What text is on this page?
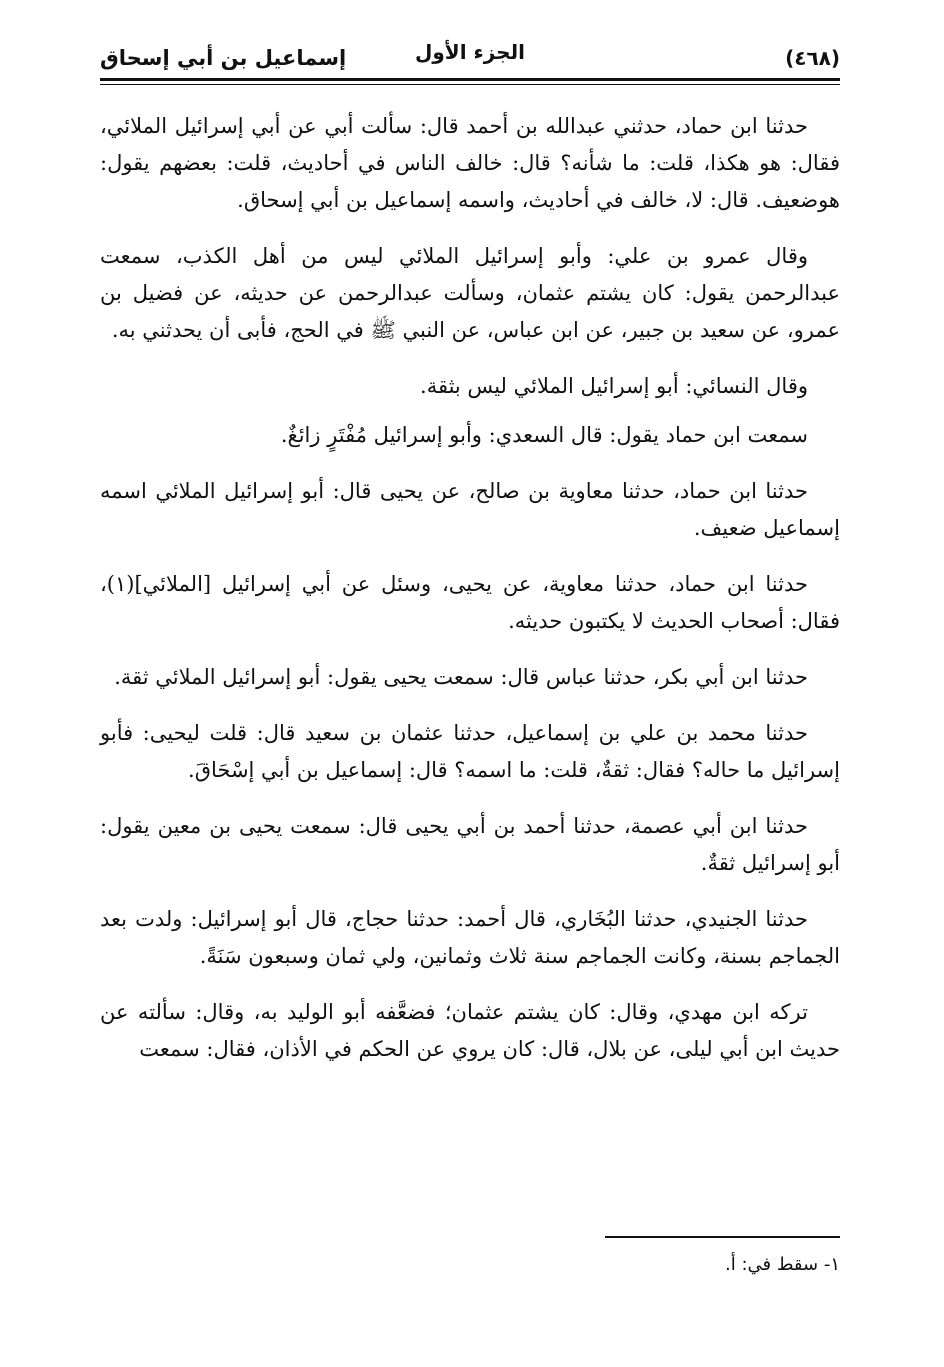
إسماعيل بن أبي إسحاق	الجزء الأول	(٤٦٨)

حدثنا ابن حماد، حدثني عبدالله بن أحمد قال: سألت أبي عن أبي إسرائيل الملائي، فقال: هو هكذا، قلت: ما شأنه؟ قال: خالف الناس في أحاديث، قلت: بعضهم يقول: هوضعيف. قال: لا، خالف في أحاديث، واسمه إسماعيل بن أبي إسحاق.

وقال عمرو بن علي: وأبو إسرائيل الملائي ليس من أهل الكذب، سمعت عبدالرحمن يقول: كان يشتم عثمان، وسألت عبدالرحمن عن حديثه، عن فضيل بن عمرو، عن سعيد بن جبير، عن ابن عباس، عن النبي ﷺ في الحج، فأبى أن يحدثني به.

وقال النسائي: أبو إسرائيل الملائي ليس بثقة.

سمعت ابن حماد يقول: قال السعدي: وأبو إسرائيل مُفْتَرٍ زائغٌ.

حدثنا ابن حماد، حدثنا معاوية بن صالح، عن يحيى قال: أبو إسرائيل الملائي اسمه إسماعيل ضعيف.

حدثنا ابن حماد، حدثنا معاوية، عن يحيى، وسئل عن أبي إسرائيل [الملائي](١)، فقال: أصحاب الحديث لا يكتبون حديثه.

حدثنا ابن أبي بكر، حدثنا عباس قال: سمعت يحيى يقول: أبو إسرائيل الملائي ثقة.

حدثنا محمد بن علي بن إسماعيل، حدثنا عثمان بن سعيد قال: قلت ليحيى: فأبو إسرائيل ما حاله؟ فقال: ثقةٌ، قلت: ما اسمه؟ قال: إسماعيل بن أبي إسْحَاقَ.

حدثنا ابن أبي عصمة، حدثنا أحمد بن أبي يحيى قال: سمعت يحيى بن معين يقول: أبو إسرائيل ثقةٌ.

حدثنا الجنيدي، حدثنا البُخَاري، قال أحمد: حدثنا حجاج، قال أبو إسرائيل: ولدت بعد الجماجم بسنة، وكانت الجماجم سنة ثلاث وثمانين، ولي ثمان وسبعون سَنَةً.

تركه ابن مهدي، وقال: كان يشتم عثمان؛ فضعَّفه أبو الوليد به، وقال: سألته عن حديث ابن أبي ليلى، عن بلال، قال: كان يروي عن الحكم في الأذان، فقال: سمعت

١- سقط في: أ.
